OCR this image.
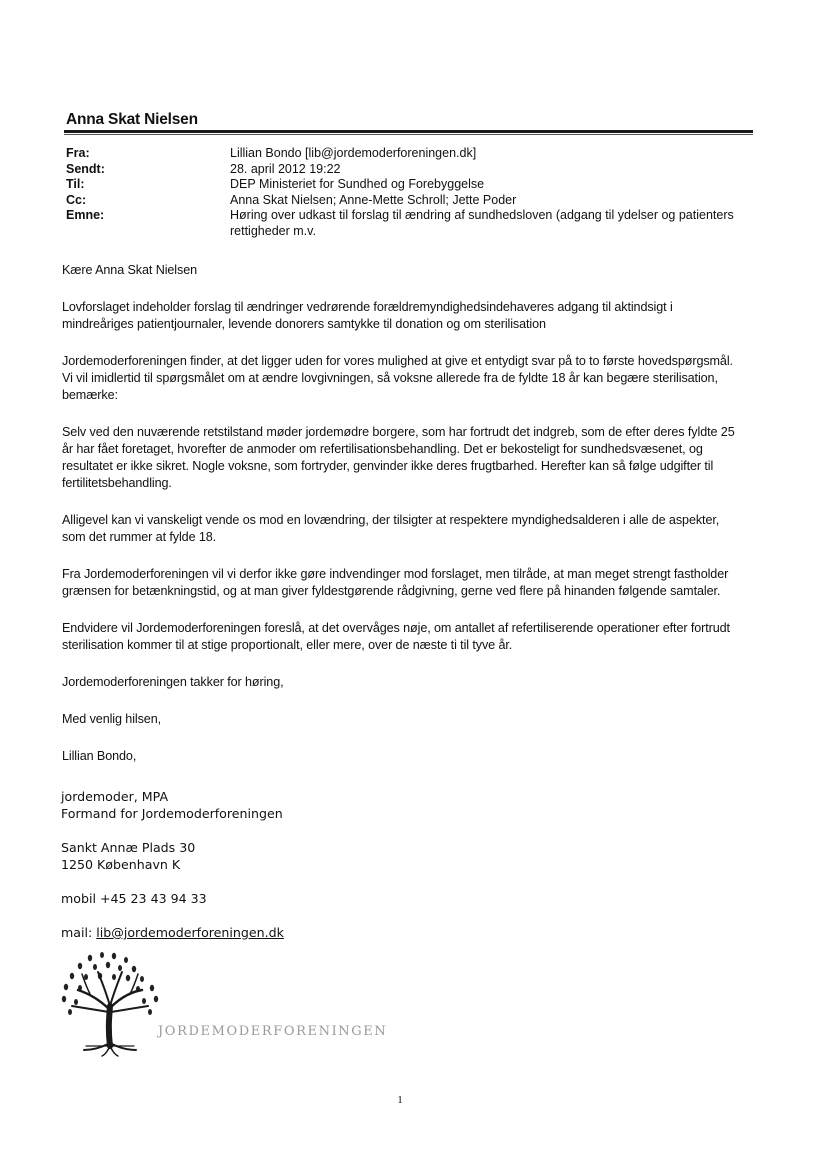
Anna Skat Nielsen
Fra:	Lillian Bondo [lib@jordemoderforeningen.dk]
Sendt:	28. april 2012 19:22
Til:	DEP Ministeriet for Sundhed og Forebyggelse
Cc:	Anna Skat Nielsen; Anne-Mette Schroll; Jette Poder
Emne:	Høring over udkast til forslag til ændring af sundhedsloven (adgang til ydelser og patienters rettigheder m.v.

Kære Anna Skat Nielsen

Lovforslaget indeholder forslag til ændringer vedrørende forældremyndighedsindehaveres adgang til aktindsigt i mindreåriges patientjournaler, levende donorers samtykke til donation og om sterilisation

Jordemoderforeningen finder, at det ligger uden for vores mulighed at give et entydigt svar på to to første hovedspørgsmål. Vi vil imidlertid til spørgsmålet om at ændre lovgivningen, så voksne allerede fra de fyldte 18 år kan begære sterilisation, bemærke:

Selv ved den nuværende retstilstand møder jordemødre borgere, som har fortrudt det indgreb, som de efter deres fyldte 25 år har fået foretaget, hvorefter de anmoder om refertilisationsbehandling. Det er bekosteligt for sundhedsvæsenet, og resultatet er ikke sikret. Nogle voksne, som fortryder, genvinder ikke deres frugtbarhed. Herefter kan så følge udgifter til fertilitetsbehandling.

Alligevel kan vi vanskeligt vende os mod en lovændring, der tilsigter at respektere myndighedsalderen i alle de aspekter, som det rummer at fylde 18.

Fra Jordemoderforeningen vil vi derfor ikke gøre indvendinger mod forslaget, men tilråde, at man meget strengt fastholder grænsen for betænkningstid, og at man giver fyldestgørende rådgivning, gerne ved flere på hinanden følgende samtaler.

Endvidere vil Jordemoderforeningen foreslå, at det overvåges nøje, om antallet af refertiliserende operationer efter fortrudt sterilisation kommer til at stige proportionalt, eller mere, over de næste ti til tyve år.

Jordemoderforeningen takker for høring,

Med venlig hilsen,

Lillian Bondo,

jordemoder, MPA
Formand for Jordemoderforeningen

Sankt Annæ Plads 30
1250 København K

mobil +45 23 43 94 33

mail: lib@jordemoderforeningen.dk

JORDEMODERFORENINGEN
1
